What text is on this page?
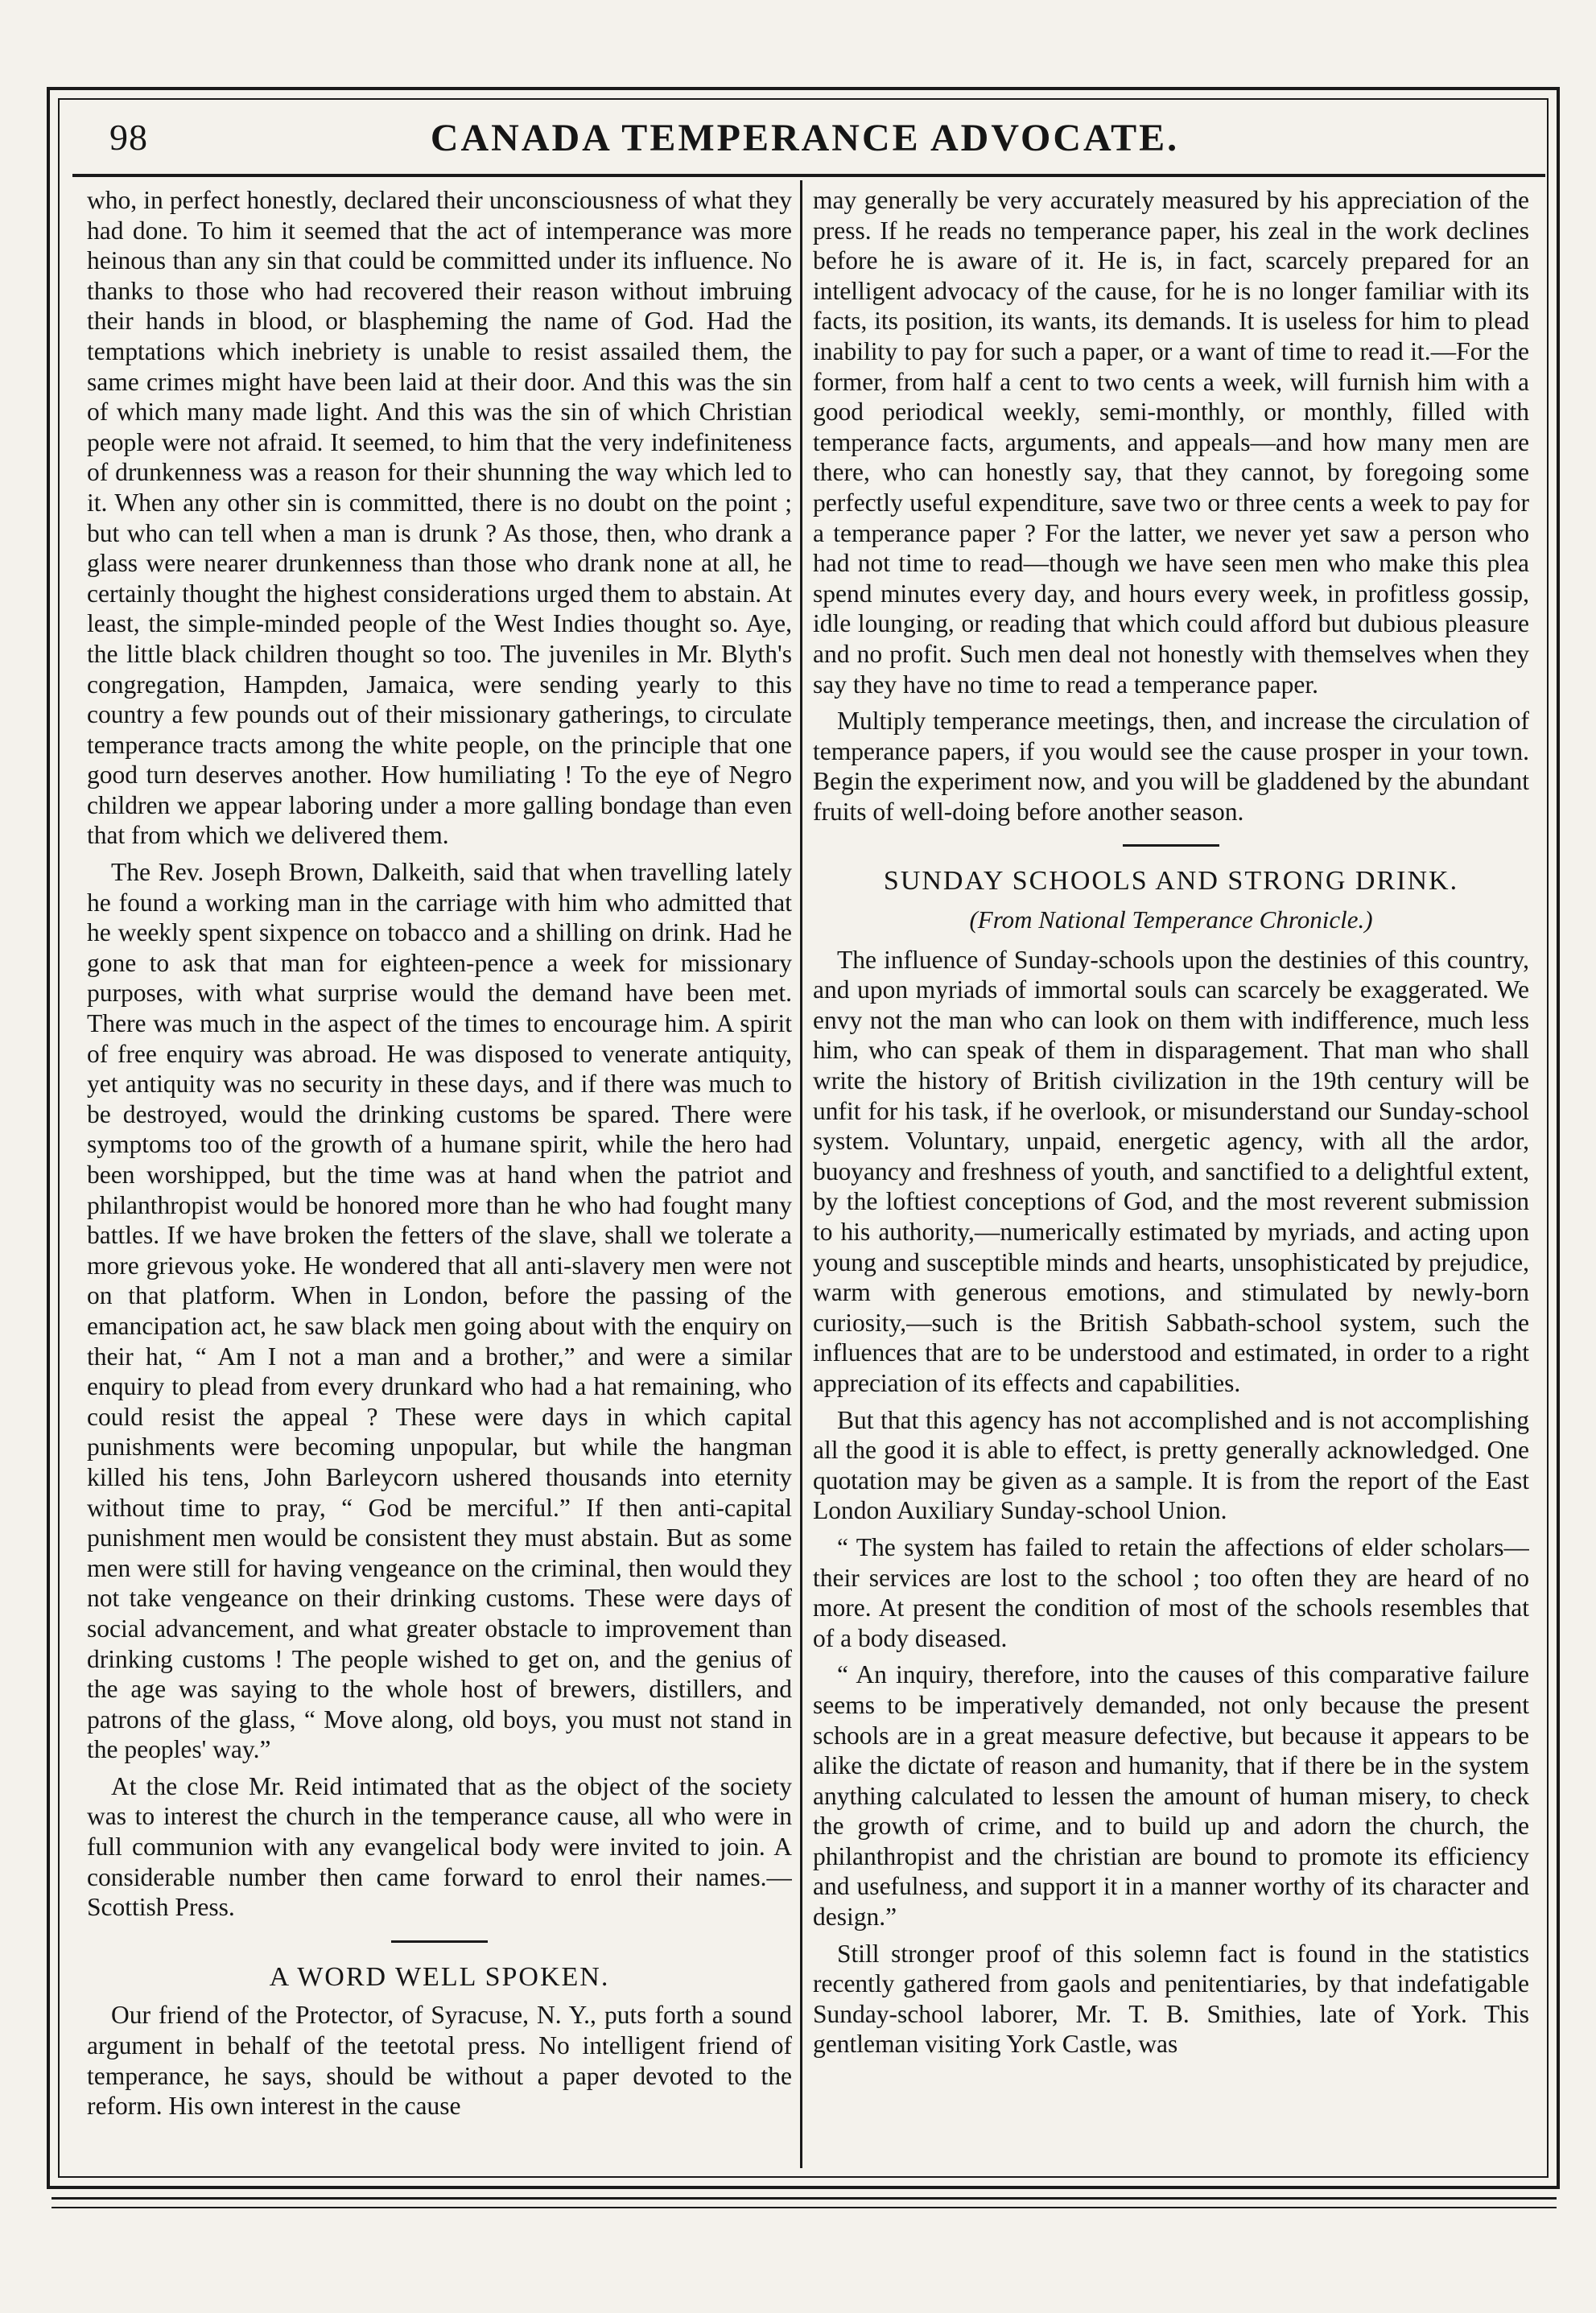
98	CANADA TEMPERANCE ADVOCATE.

who, in perfect honestly, declared their unconsciousness of what they had done. To him it seemed that the act of intemperance was more heinous than any sin that could be committed under its influence. No thanks to those who had recovered their reason without imbruing their hands in blood, or blaspheming the name of God. Had the temptations which inebriety is unable to resist assailed them, the same crimes might have been laid at their door. And this was the sin of which many made light. And this was the sin of which Christian people were not afraid. It seemed, to him that the very indefiniteness of drunkenness was a reason for their shunning the way which led to it. When any other sin is committed, there is no doubt on the point ; but who can tell when a man is drunk ? As those, then, who drank a glass were nearer drunkenness than those who drank none at all, he certainly thought the highest considerations urged them to abstain. At least, the simple-minded people of the West Indies thought so. Aye, the little black children thought so too. The juveniles in Mr. Blyth's congregation, Hampden, Jamaica, were sending yearly to this country a few pounds out of their missionary gatherings, to circulate temperance tracts among the white people, on the principle that one good turn deserves another. How humiliating ! To the eye of Negro children we appear laboring under a more galling bondage than even that from which we delivered them.

The Rev. Joseph Brown, Dalkeith, said that when travelling lately he found a working man in the carriage with him who admitted that he weekly spent sixpence on tobacco and a shilling on drink. Had he gone to ask that man for eighteen-pence a week for missionary purposes, with what surprise would the demand have been met. There was much in the aspect of the times to encourage him. A spirit of free enquiry was abroad. He was disposed to venerate antiquity, yet antiquity was no security in these days, and if there was much to be destroyed, would the drinking customs be spared. There were symptoms too of the growth of a humane spirit, while the hero had been worshipped, but the time was at hand when the patriot and philanthropist would be honored more than he who had fought many battles. If we have broken the fetters of the slave, shall we tolerate a more grievous yoke. He wondered that all anti-slavery men were not on that platform. When in London, before the passing of the emancipation act, he saw black men going about with the enquiry on their hat, “ Am I not a man and a brother,” and were a similar enquiry to plead from every drunkard who had a hat remaining, who could resist the appeal ? These were days in which capital punishments were becoming unpopular, but while the hangman killed his tens, John Barleycorn ushered thousands into eternity without time to pray, “ God be merciful.” If then anti-capital punishment men would be consistent they must abstain. But as some men were still for having vengeance on the criminal, then would they not take vengeance on their drinking customs. These were days of social advancement, and what greater obstacle to improvement than drinking customs ! The people wished to get on, and the genius of the age was saying to the whole host of brewers, distillers, and patrons of the glass, “ Move along, old boys, you must not stand in the peoples' way.”

At the close Mr. Reid intimated that as the object of the society was to interest the church in the temperance cause, all who were in full communion with any evangelical body were invited to join. A considerable number then came forward to enrol their names.—Scottish Press.

A WORD WELL SPOKEN.

Our friend of the Protector, of Syracuse, N. Y., puts forth a sound argument in behalf of the teetotal press. No intelligent friend of temperance, he says, should be without a paper devoted to the reform. His own interest in the cause

may generally be very accurately measured by his appreciation of the press. If he reads no temperance paper, his zeal in the work declines before he is aware of it. He is, in fact, scarcely prepared for an intelligent advocacy of the cause, for he is no longer familiar with its facts, its position, its wants, its demands. It is useless for him to plead inability to pay for such a paper, or a want of time to read it.—For the former, from half a cent to two cents a week, will furnish him with a good periodical weekly, semi-monthly, or monthly, filled with temperance facts, arguments, and appeals—and how many men are there, who can honestly say, that they cannot, by foregoing some perfectly useful expenditure, save two or three cents a week to pay for a temperance paper ? For the latter, we never yet saw a person who had not time to read—though we have seen men who make this plea spend minutes every day, and hours every week, in profitless gossip, idle lounging, or reading that which could afford but dubious pleasure and no profit. Such men deal not honestly with themselves when they say they have no time to read a temperance paper.

Multiply temperance meetings, then, and increase the circulation of temperance papers, if you would see the cause prosper in your town. Begin the experiment now, and you will be gladdened by the abundant fruits of well-doing before another season.

SUNDAY SCHOOLS AND STRONG DRINK.
(From National Temperance Chronicle.)

The influence of Sunday-schools upon the destinies of this country, and upon myriads of immortal souls can scarcely be exaggerated. We envy not the man who can look on them with indifference, much less him, who can speak of them in disparagement. That man who shall write the history of British civilization in the 19th century will be unfit for his task, if he overlook, or misunderstand our Sunday-school system. Voluntary, unpaid, energetic agency, with all the ardor, buoyancy and freshness of youth, and sanctified to a delightful extent, by the loftiest conceptions of God, and the most reverent submission to his authority,—numerically estimated by myriads, and acting upon young and susceptible minds and hearts, unsophisticated by prejudice, warm with generous emotions, and stimulated by newly-born curiosity,—such is the British Sabbath-school system, such the influences that are to be understood and estimated, in order to a right appreciation of its effects and capabilities.

But that this agency has not accomplished and is not accomplishing all the good it is able to effect, is pretty generally acknowledged. One quotation may be given as a sample. It is from the report of the East London Auxiliary Sunday-school Union.

“ The system has failed to retain the affections of elder scholars—their services are lost to the school ; too often they are heard of no more. At present the condition of most of the schools resembles that of a body diseased.

“ An inquiry, therefore, into the causes of this comparative failure seems to be imperatively demanded, not only because the present schools are in a great measure defective, but because it appears to be alike the dictate of reason and humanity, that if there be in the system anything calculated to lessen the amount of human misery, to check the growth of crime, and to build up and adorn the church, the philanthropist and the christian are bound to promote its efficiency and usefulness, and support it in a manner worthy of its character and design.”

Still stronger proof of this solemn fact is found in the statistics recently gathered from gaols and penitentiaries, by that indefatigable Sunday-school laborer, Mr. T. B. Smithies, late of York. This gentleman visiting York Castle, was
